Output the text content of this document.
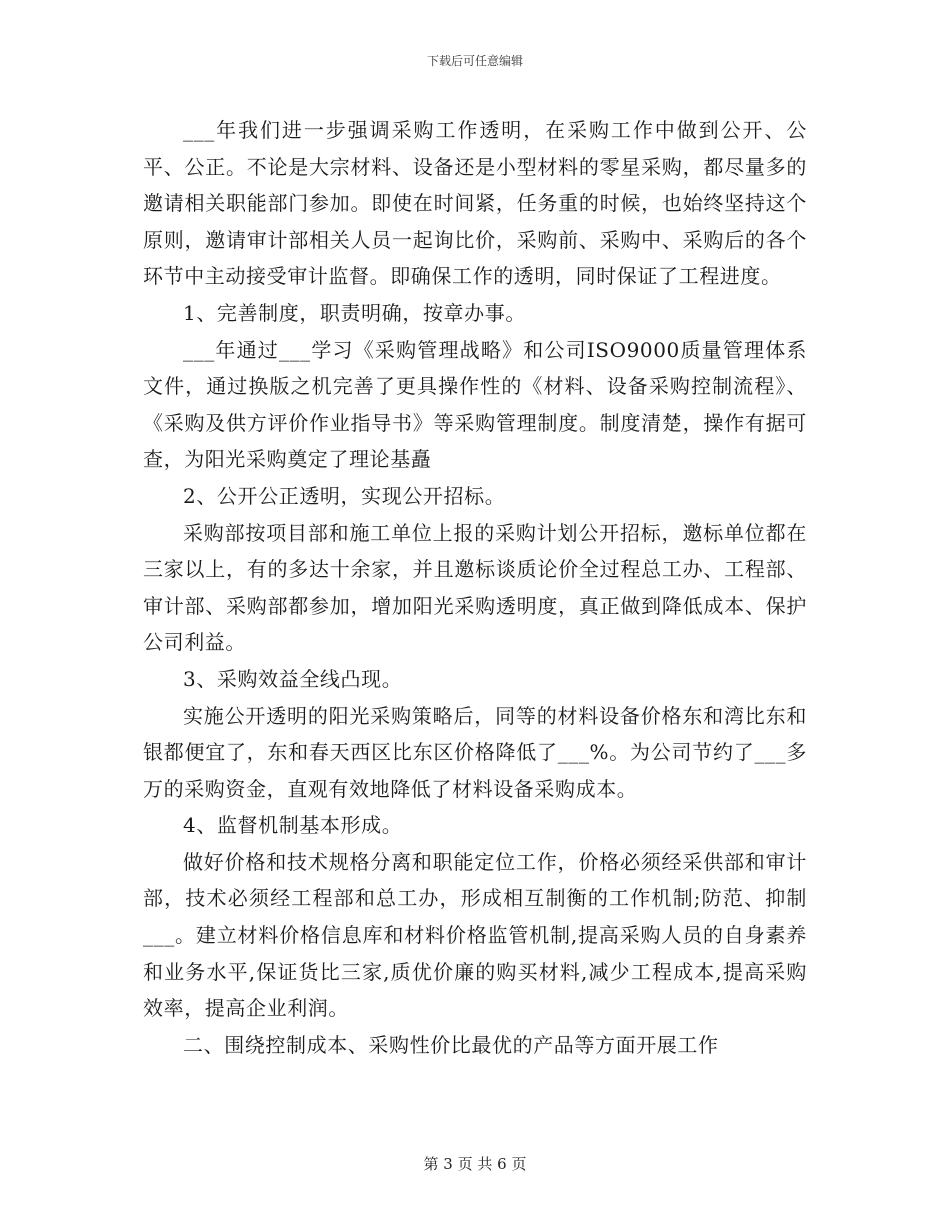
下载后可任意编辑

___年我们进一步强调采购工作透明，在采购工作中做到公开、公平、公正。不论是大宗材料、设备还是小型材料的零星采购，都尽量多的邀请相关职能部门参加。即使在时间紧，任务重的时候，也始终坚持这个原则，邀请审计部相关人员一起询比价，采购前、采购中、采购后的各个环节中主动接受审计监督。即确保工作的透明，同时保证了工程进度。

1、完善制度，职责明确，按章办事。

___年通过___学习《采购管理战略》和公司ISO9000质量管理体系文件，通过换版之机完善了更具操作性的《材料、设备采购控制流程》、《采购及供方评价作业指导书》等采购管理制度。制度清楚，操作有据可查，为阳光采购奠定了理论基矗

2、公开公正透明，实现公开招标。

采购部按项目部和施工单位上报的采购计划公开招标，邀标单位都在三家以上，有的多达十余家，并且邀标谈质论价全过程总工办、工程部、审计部、采购部都参加，增加阳光采购透明度，真正做到降低成本、保护公司利益。

3、采购效益全线凸现。

实施公开透明的阳光采购策略后，同等的材料设备价格东和湾比东和银都便宜了，东和春天西区比东区价格降低了___%。为公司节约了___多万的采购资金，直观有效地降低了材料设备采购成本。

4、监督机制基本形成。

做好价格和技术规格分离和职能定位工作，价格必须经采供部和审计部，技术必须经工程部和总工办，形成相互制衡的工作机制;防范、抑制___。建立材料价格信息库和材料价格监管机制,提高采购人员的自身素养和业务水平,保证货比三家,质优价廉的购买材料,减少工程成本,提高采购效率，提高企业利润。

二、围绕控制成本、采购性价比最优的产品等方面开展工作

第 3 页 共 6 页
